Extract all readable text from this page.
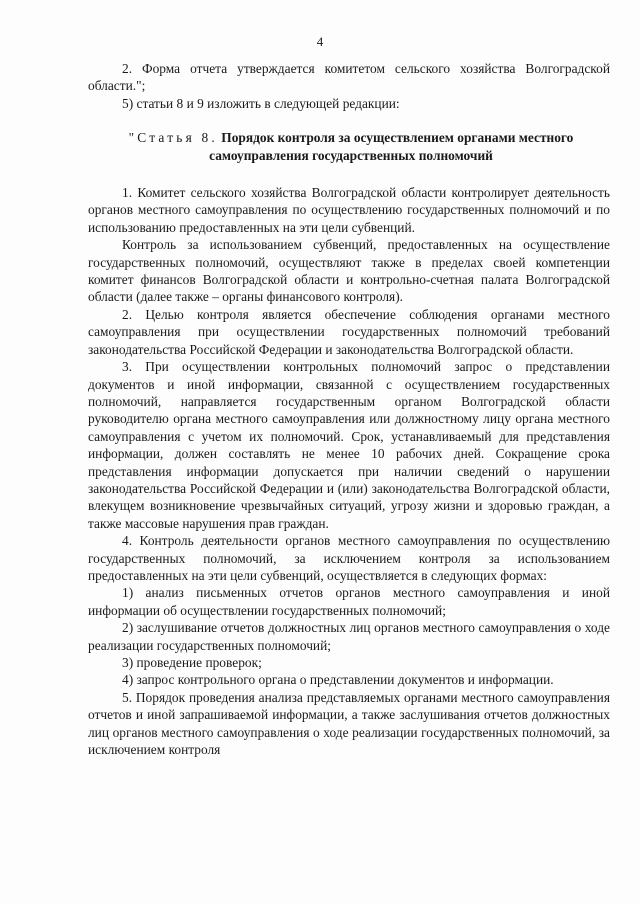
4

2. Форма отчета утверждается комитетом сельского хозяйства Волгоградской области.";

5) статьи 8 и 9 изложить в следующей редакции:

"Статья 8. Порядок контроля за осуществлением органами местного самоуправления государственных полномочий

1. Комитет сельского хозяйства Волгоградской области контролирует деятельность органов местного самоуправления по осуществлению государственных полномочий и по использованию предоставленных на эти цели субвенций.

Контроль за использованием субвенций, предоставленных на осуществление государственных полномочий, осуществляют также в пределах своей компетенции комитет финансов Волгоградской области и контрольно-счетная палата Волгоградской области (далее также – органы финансового контроля).

2. Целью контроля является обеспечение соблюдения органами местного самоуправления при осуществлении государственных полномочий требований законодательства Российской Федерации и законодательства Волгоградской области.

3. При осуществлении контрольных полномочий запрос о представлении документов и иной информации, связанной с осуществлением государственных полномочий, направляется государственным органом Волгоградской области руководителю органа местного самоуправления или должностному лицу органа местного самоуправления с учетом их полномочий. Срок, устанавливаемый для представления информации, должен составлять не менее 10 рабочих дней. Сокращение срока представления информации допускается при наличии сведений о нарушении законодательства Российской Федерации и (или) законодательства Волгоградской области, влекущем возникновение чрезвычайных ситуаций, угрозу жизни и здоровью граждан, а также массовые нарушения прав граждан.

4. Контроль деятельности органов местного самоуправления по осуществлению государственных полномочий, за исключением контроля за использованием предоставленных на эти цели субвенций, осуществляется в следующих формах:

1) анализ письменных отчетов органов местного самоуправления и иной информации об осуществлении государственных полномочий;

2) заслушивание отчетов должностных лиц органов местного самоуправления о ходе реализации государственных полномочий;

3) проведение проверок;

4) запрос контрольного органа о представлении документов и информации.

5. Порядок проведения анализа представляемых органами местного самоуправления отчетов и иной запрашиваемой информации, а также заслушивания отчетов должностных лиц органов местного самоуправления о ходе реализации государственных полномочий, за исключением контроля
